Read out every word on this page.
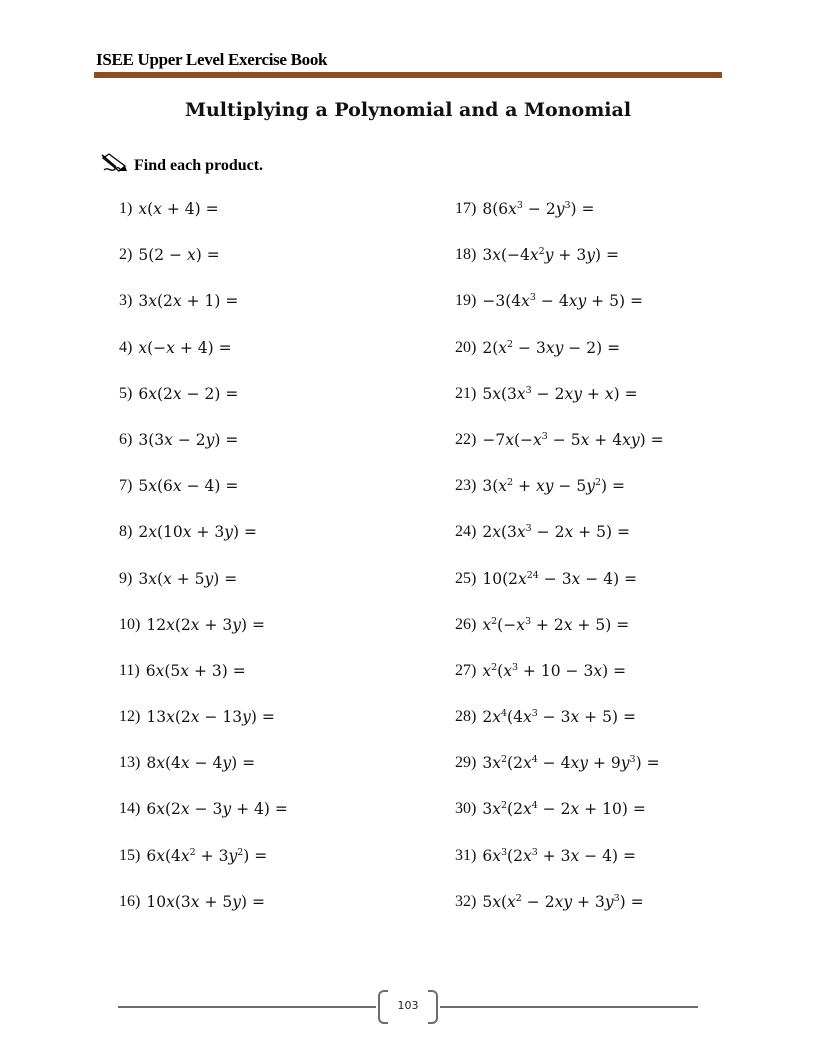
ISEE Upper Level Exercise Book
Multiplying a Polynomial and a Monomial
Find each product.
1) x(x + 4) =
2) 5(2 − x) =
3) 3x(2x + 1) =
4) x(−x + 4) =
5) 6x(2x − 2) =
6) 3(3x − 2y) =
7) 5x(6x − 4) =
8) 2x(10x + 3y) =
9) 3x(x + 5y) =
10) 12x(2x + 3y) =
11) 6x(5x + 3) =
12) 13x(2x − 13y) =
13) 8x(4x − 4y) =
14) 6x(2x − 3y + 4) =
15) $6x(4x^2 + 3y^2)$ =
16) 10x(3x + 5y) =
17) $8(6x^3 - 2y^3)$ =
18) $3x(-4x^2y + 3y)$ =
$19) -3(4x^3 - 4xy + 5)$ =
20) $2(x^2 - 3xy - 2)$ =
21) $5x(3x^3 - 2xy + x)$ =
$22) -7x(-x^3 - 5x + 4xy)$ =
23) $3(x^2$ + xy − $5y^2$) =
24) $2x(3x^3 - 2x + 5)$ =
25) $10(2x^{24} - 3x - 4)$ =
26) $x^2(-x^3 + 2x + 5)$ =
27) $x^2(x^3 + 10 - 3x)$ =
28) $2x^4(4x^3 - 3x + 5)$ =
29) $3x^2(2x^4 - 4xy + 9y^3)$ =
30) $3x^2(2x^4 - 2x + 10)$ =
31) $6x^3(2x^3 + 3x - 4)$ =
32) $5x(x^2 - 2xy + 3y^3)$ =
103
